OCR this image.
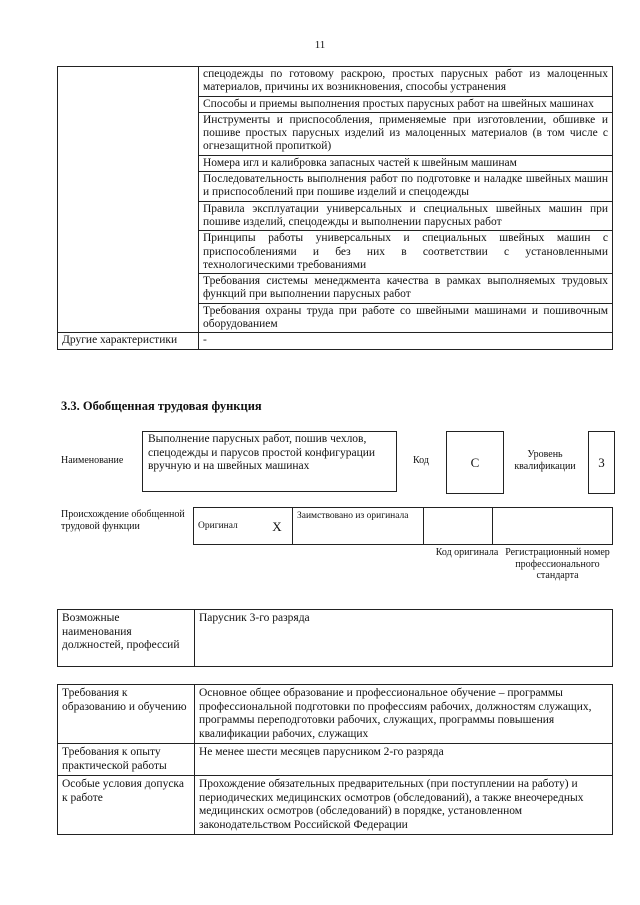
11
	спецодежды по готовому раскрою, простых парусных работ из малоценных материалов, причины их возникновения, способы устранения
	Способы и приемы выполнения простых парусных работ на швейных машинах
	Инструменты и приспособления, применяемые при изготовлении, обшивке и пошиве простых парусных изделий из малоценных материалов (в том числе с огнезащитной пропиткой)
	Номера игл и калибровка запасных частей к швейным машинам
	Последовательность выполнения работ по подготовке и наладке швейных машин и приспособлений при пошиве изделий и спецодежды
	Правила эксплуатации универсальных и специальных швейных машин при пошиве изделий, спецодежды и выполнении парусных работ
	Принципы работы универсальных и специальных швейных машин с приспособлениями и без них в соответствии с установленными технологическими требованиями
	Требования системы менеджмента качества в рамках выполняемых трудовых функций при выполнении парусных работ
	Требования охраны труда при работе со швейными машинами и пошивочным оборудованием
Другие характеристики	-
3.3. Обобщенная трудовая функция
Наименование
Выполнение парусных работ, пошив чехлов, спецодежды и парусов простой конфигурации вручную и на швейных машинах	Код	C	Уровень квалификации	3
Происхождение обобщенной трудовой функции	Оригинал	X	Заимствовано из оригинала		
Код оригинала Регистрационный номер профессионального стандарта
Возможные наименования должностей, профессий	Парусник 3-го разряда
Требования к образованию и обучению	Основное общее образование и профессиональное обучение – программы профессиональной подготовки по профессиям рабочих, должностям служащих, программы переподготовки рабочих, служащих, программы повышения квалификации рабочих, служащих
Требования к опыту практической работы	Не менее шести месяцев парусником 2-го разряда
Особые условия допуска к работе	Прохождение обязательных предварительных (при поступлении на работу) и периодических медицинских осмотров (обследований), а также внеочередных медицинских осмотров (обследований) в порядке, установленном законодательством Российской Федерации
